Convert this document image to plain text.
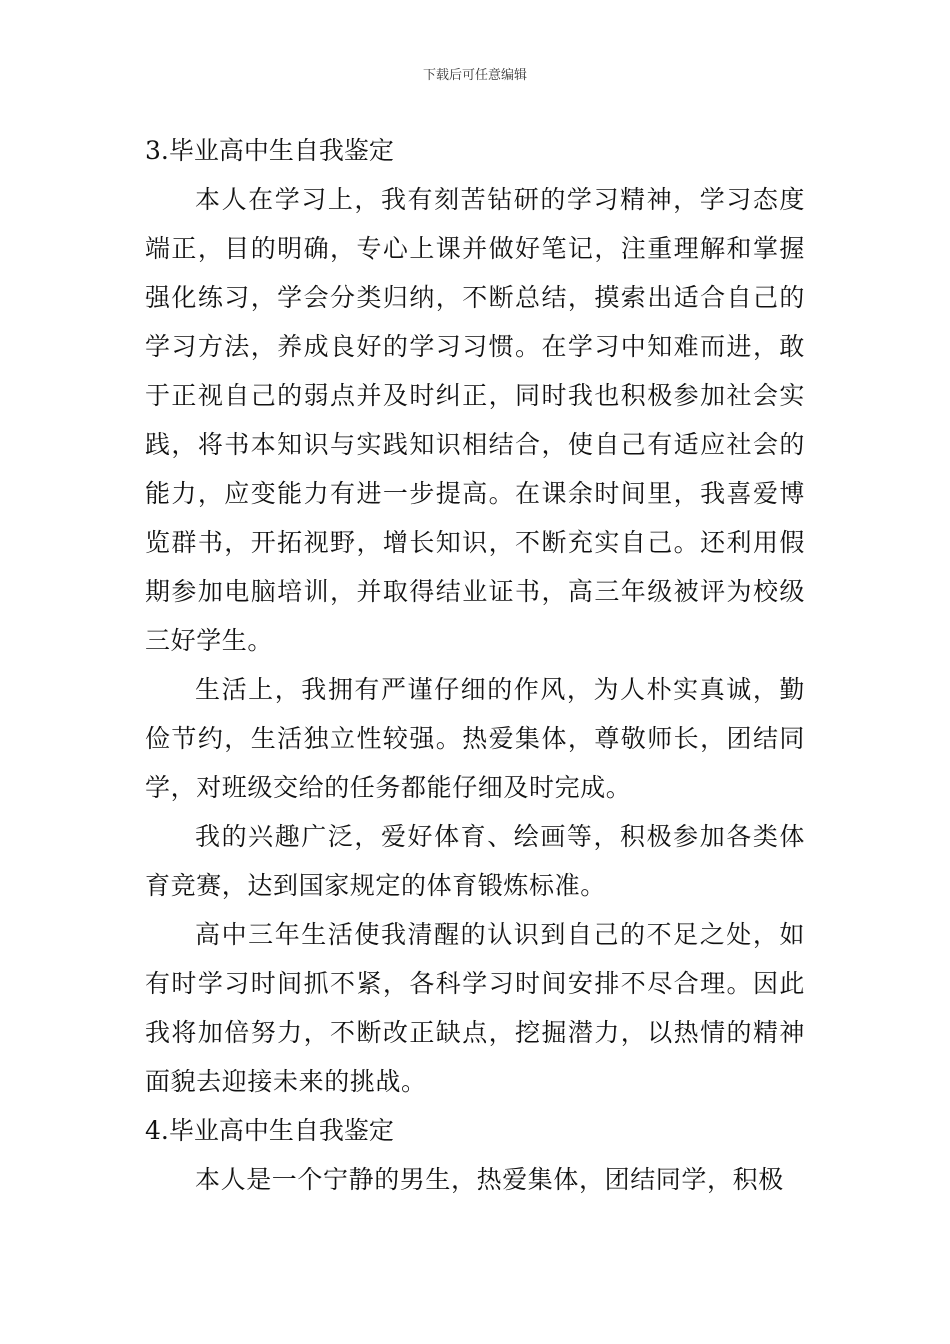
下载后可任意编辑
3.毕业高中生自我鉴定

本人在学习上，我有刻苦钻研的学习精神，学习态度端正，目的明确，专心上课并做好笔记，注重理解和掌握强化练习，学会分类归纳，不断总结，摸索出适合自己的学习方法，养成良好的学习习惯。在学习中知难而进，敢于正视自己的弱点并及时纠正，同时我也积极参加社会实践，将书本知识与实践知识相结合，使自己有适应社会的能力，应变能力有进一步提高。在课余时间里，我喜爱博览群书，开拓视野，增长知识，不断充实自己。还利用假期参加电脑培训，并取得结业证书，高三年级被评为校级三好学生。

生活上，我拥有严谨仔细的作风，为人朴实真诚，勤俭节约，生活独立性较强。热爱集体，尊敬师长，团结同学，对班级交给的任务都能仔细及时完成。

我的兴趣广泛，爱好体育、绘画等，积极参加各类体育竞赛，达到国家规定的体育锻炼标准。

高中三年生活使我清醒的认识到自己的不足之处，如有时学习时间抓不紧，各科学习时间安排不尽合理。因此我将加倍努力，不断改正缺点，挖掘潜力，以热情的精神面貌去迎接未来的挑战。

4.毕业高中生自我鉴定

本人是一个宁静的男生，热爱集体，团结同学，积极
